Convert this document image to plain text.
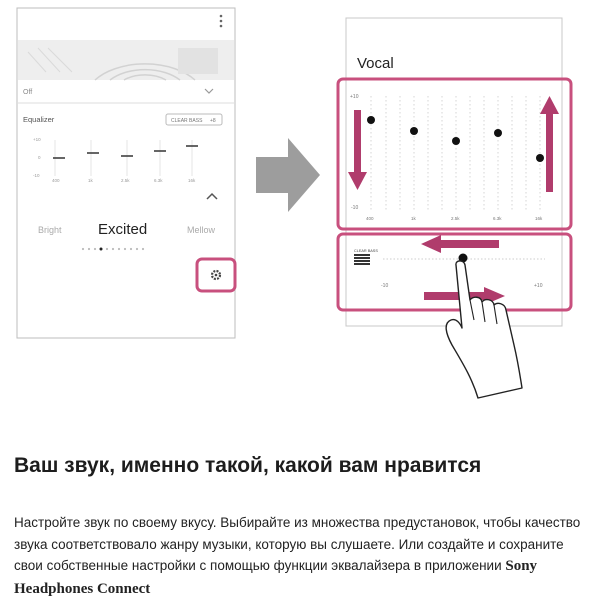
Off
Equalizer	CLEAR BASS +8
+10
0
-10
400	1k	2.5k	6.3k	16k
Bright Excited	Mellow
Vocal
+10
-10
400	1k	2.5k	6.3k	16k
CLEAR BASS
-10	+10
Ваш звук, именно такой, какой вам нравится

Настройте звук по своему вкусу. Выбирайте из множества предустановок, чтобы качество звука соответствовало жанру музыки, которую вы слушаете. Или создайте и сохраните свои собственные настройки с помощью функции эквалайзера в приложении Sony Headphones Connect
